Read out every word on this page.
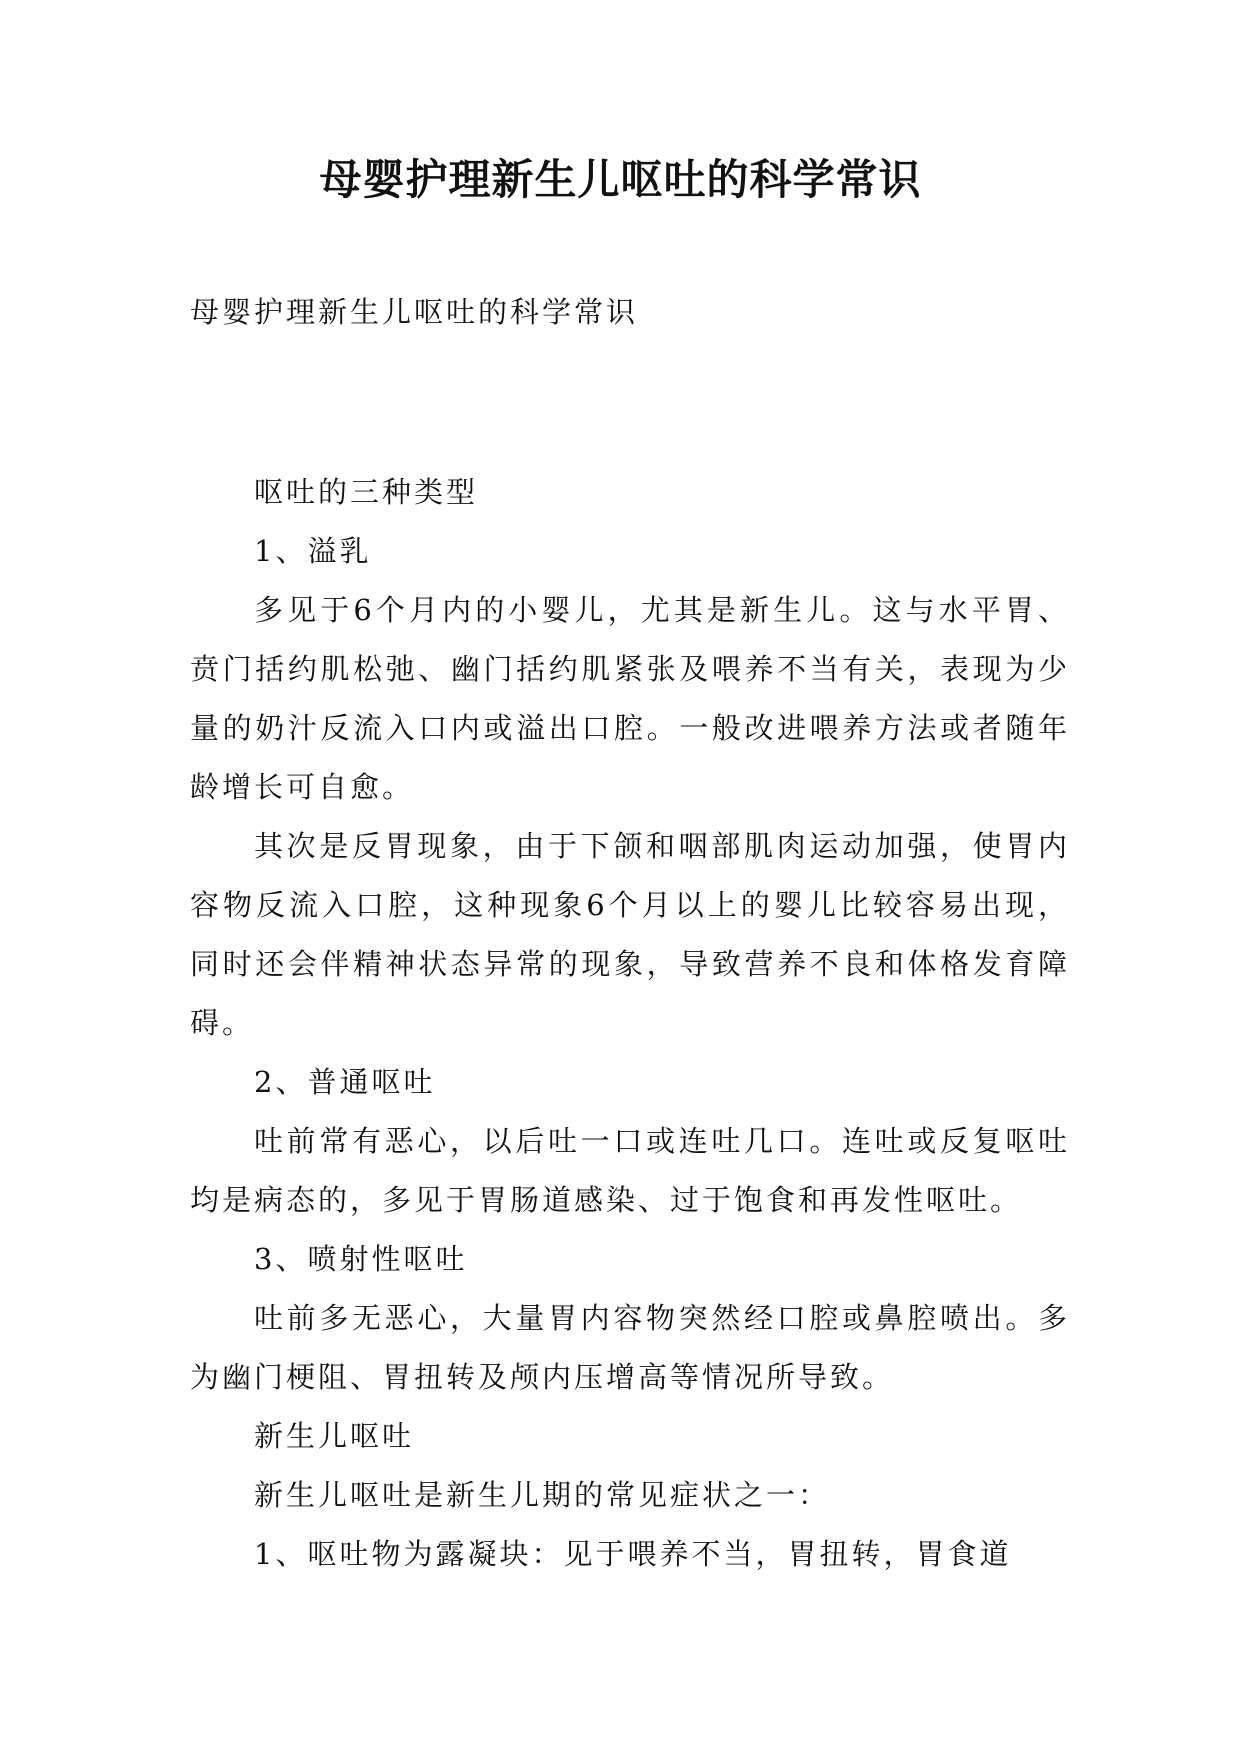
母婴护理新生儿呕吐的科学常识

母婴护理新生儿呕吐的科学常识

呕吐的三种类型

1、溢乳

多见于6个月内的小婴儿，尤其是新生儿。这与水平胃、贲门括约肌松弛、幽门括约肌紧张及喂养不当有关，表现为少量的奶汁反流入口内或溢出口腔。一般改进喂养方法或者随年龄增长可自愈。

其次是反胃现象，由于下颌和咽部肌肉运动加强，使胃内容物反流入口腔，这种现象6个月以上的婴儿比较容易出现，同时还会伴精神状态异常的现象，导致营养不良和体格发育障碍。

2、普通呕吐

吐前常有恶心，以后吐一口或连吐几口。连吐或反复呕吐均是病态的，多见于胃肠道感染、过于饱食和再发性呕吐。

3、喷射性呕吐

吐前多无恶心，大量胃内容物突然经口腔或鼻腔喷出。多为幽门梗阻、胃扭转及颅内压增高等情况所导致。

新生儿呕吐

新生儿呕吐是新生儿期的常见症状之一：

1、呕吐物为露凝块：见于喂养不当，胃扭转，胃食道
